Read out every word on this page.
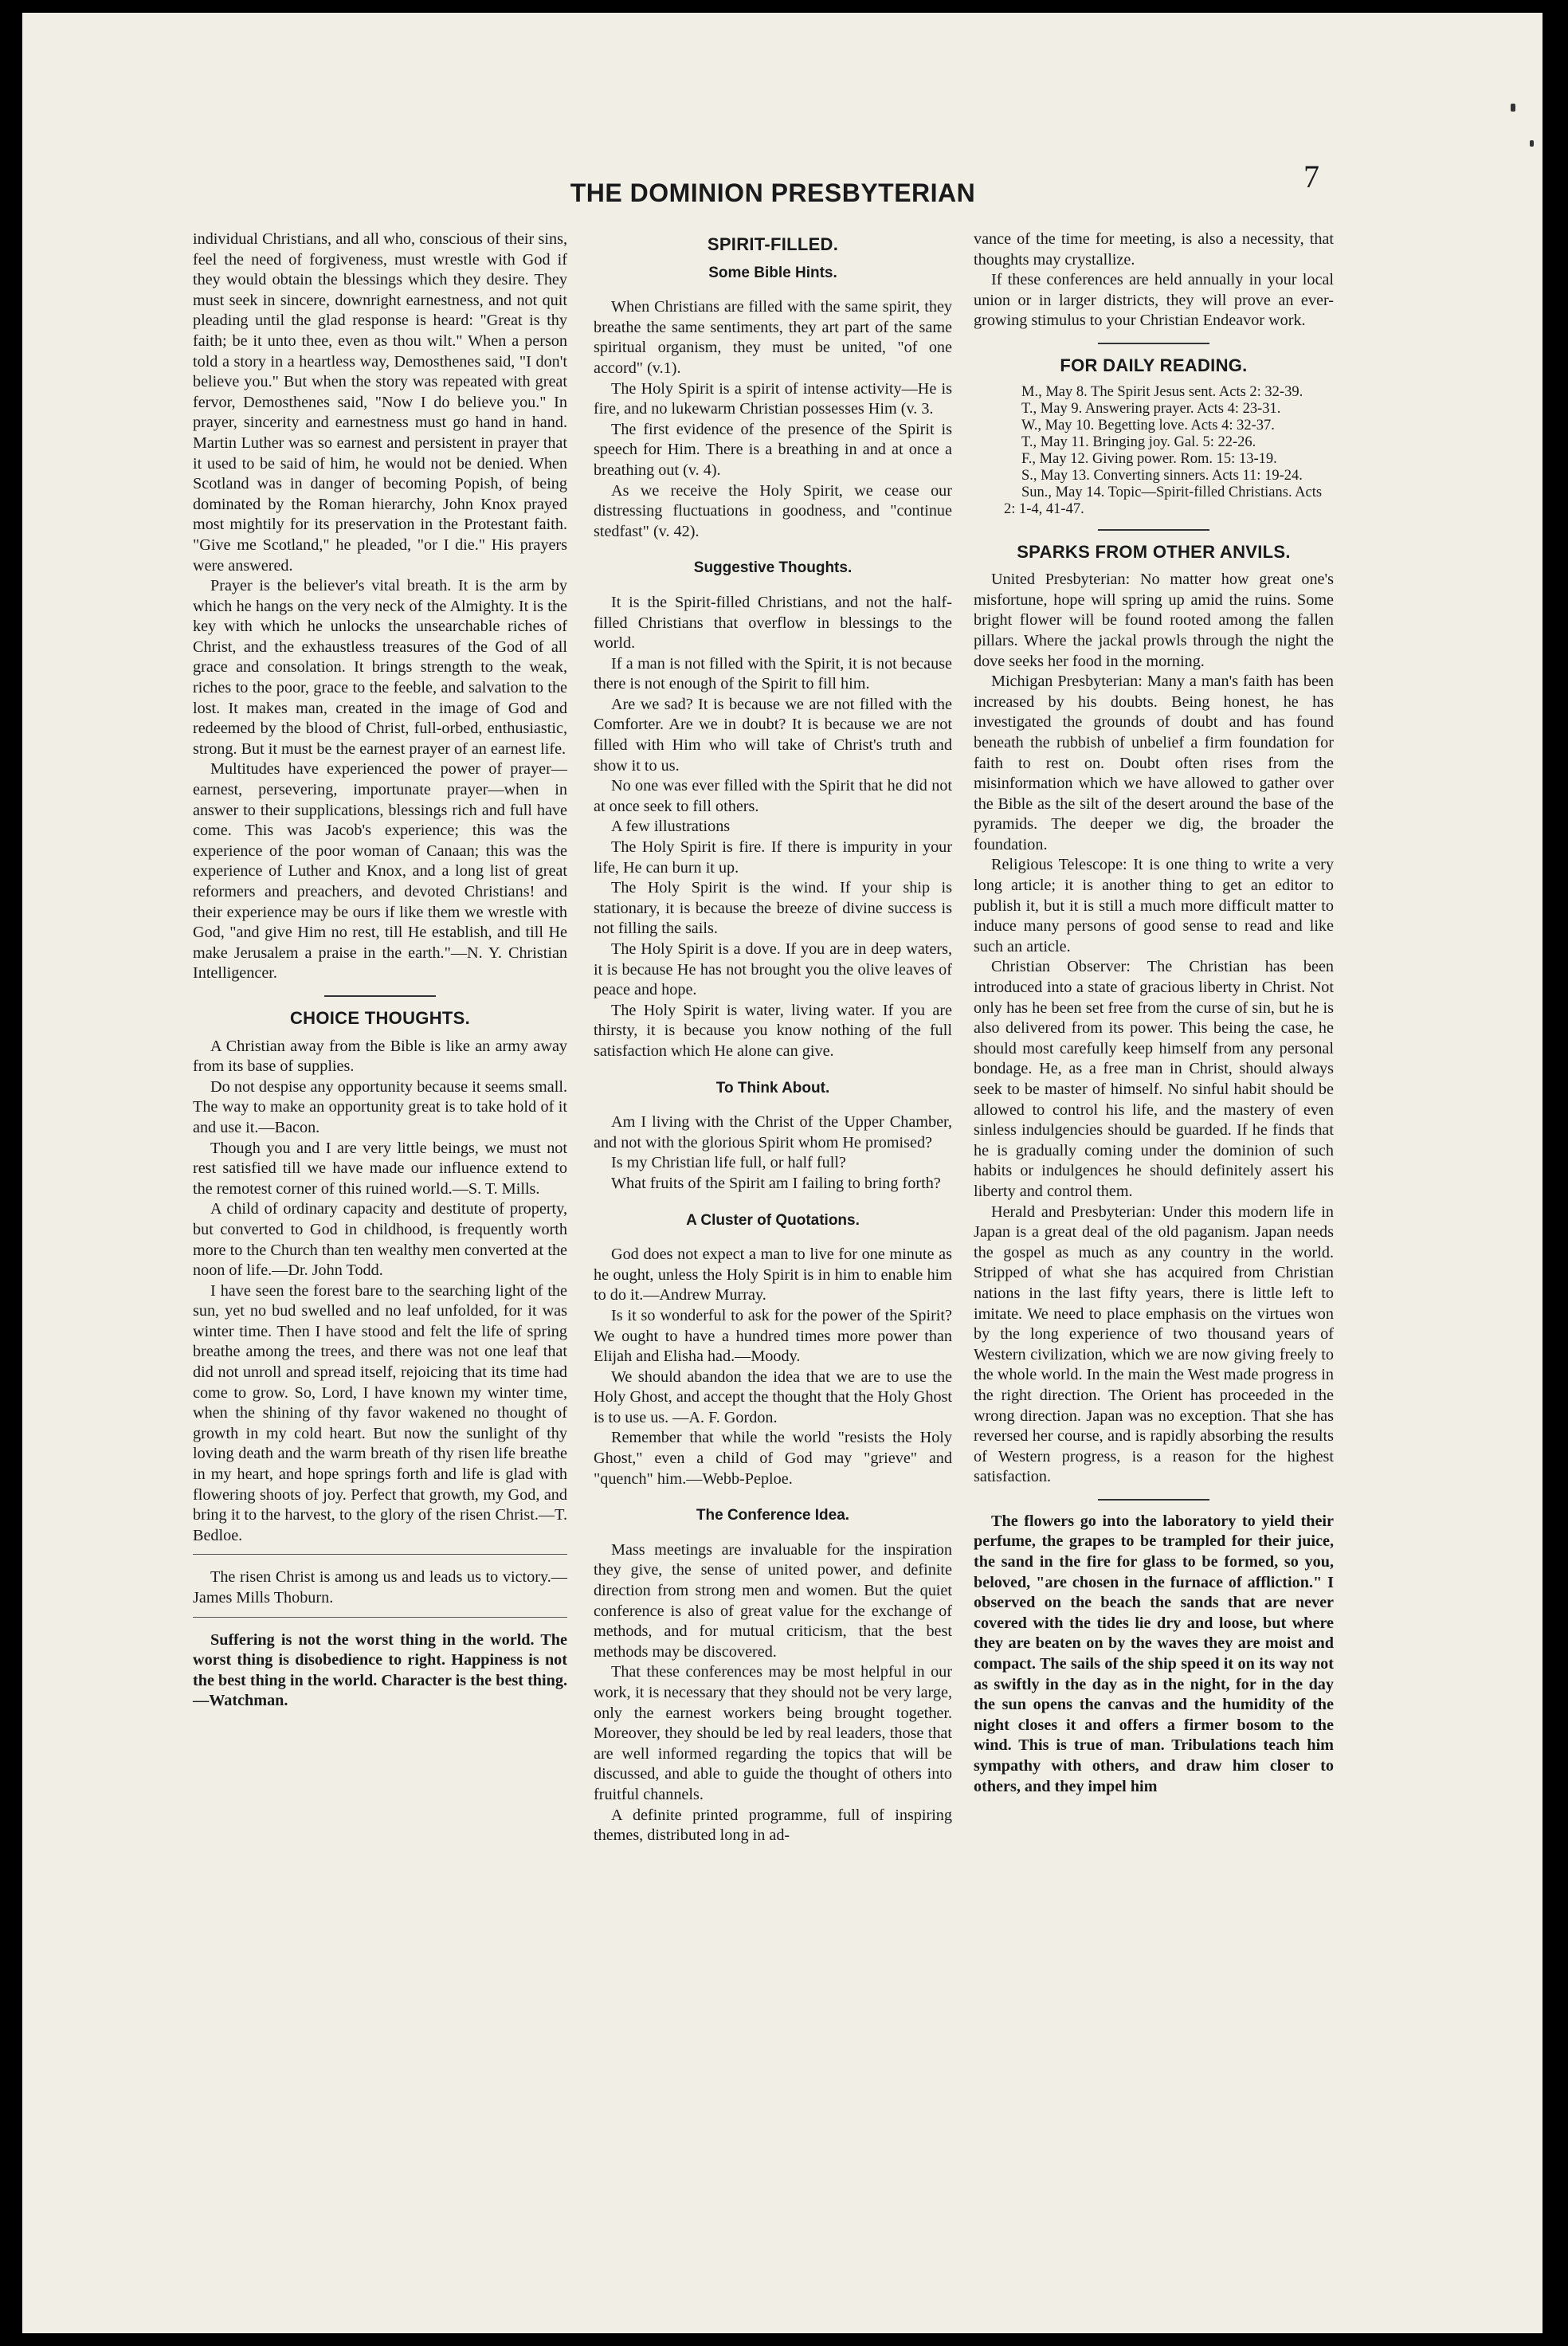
THE DOMINION PRESBYTERIAN	7

individual Christians, and all who, conscious of their sins, feel the need of forgiveness, must wrestle with God if they would obtain the blessings which they desire. They must seek in sincere, downright earnestness, and not quit pleading until the glad response is heard: "Great is thy faith; be it unto thee, even as thou wilt." When a person told a story in a heartless way, Demosthenes said, "I don't believe you." But when the story was repeated with great fervor, Demosthenes said, "Now I do believe you." In prayer, sincerity and earnestness must go hand in hand. Martin Luther was so earnest and persistent in prayer that it used to be said of him, he would not be denied. When Scotland was in danger of becoming Popish, of being dominated by the Roman hierarchy, John Knox prayed most mightily for its preservation in the Protestant faith. "Give me Scotland," he pleaded, "or I die." His prayers were answered.

Prayer is the believer's vital breath. It is the arm by which he hangs on the very neck of the Almighty. It is the key with which he unlocks the unsearchable riches of Christ, and the exhaustless treasures of the God of all grace and consolation. It brings strength to the weak, riches to the poor, grace to the feeble, and salvation to the lost. It makes man, created in the image of God and redeemed by the blood of Christ, full-orbed, enthusiastic, strong. But it must be the earnest prayer of an earnest life.

Multitudes have experienced the power of prayer—earnest, persevering, importunate prayer—when in answer to their supplications, blessings rich and full have come. This was Jacob's experience; this was the experience of the poor woman of Canaan; this was the experience of Luther and Knox, and a long list of great reformers and preachers, and devoted Christians! and their experience may be ours if like them we wrestle with God, "and give Him no rest, till He establish, and till He make Jerusalem a praise in the earth."—N. Y. Christian Intelligencer.

CHOICE THOUGHTS.

A Christian away from the Bible is like an army away from its base of supplies.

Do not despise any opportunity because it seems small. The way to make an opportunity great is to take hold of it and use it.—Bacon.

Though you and I are very little beings, we must not rest satisfied till we have made our influence extend to the remotest corner of this ruined world.—S. T. Mills.

A child of ordinary capacity and destitute of property, but converted to God in childhood, is frequently worth more to the Church than ten wealthy men converted at the noon of life.—Dr. John Todd.

I have seen the forest bare to the searching light of the sun, yet no bud swelled and no leaf unfolded, for it was winter time. Then I have stood and felt the life of spring breathe among the trees, and there was not one leaf that did not unroll and spread itself, rejoicing that its time had come to grow. So, Lord, I have known my winter time, when the shining of thy favor wakened no thought of growth in my cold heart. But now the sunlight of thy loving death and the warm breath of thy risen life breathe in my heart, and hope springs forth and life is glad with flowering shoots of joy. Perfect that growth, my God, and bring it to the harvest, to the glory of the risen Christ.—T. Bedloe.

The risen Christ is among us and leads us to victory.—James Mills Thoburn.

Suffering is not the worst thing in the world. The worst thing is disobedience to right. Happiness is not the best thing in the world. Character is the best thing. —Watchman.

SPIRIT-FILLED.
Some Bible Hints.

When Christians are filled with the same spirit, they breathe the same sentiments, they art part of the same spiritual organism, they must be united, "of one accord" (v.1).

The Holy Spirit is a spirit of intense activity—He is fire, and no lukewarm Christian possesses Him (v. 3.

The first evidence of the presence of the Spirit is speech for Him. There is a breathing in and at once a breathing out (v. 4).

As we receive the Holy Spirit, we cease our distressing fluctuations in goodness, and "continue stedfast" (v. 42).

Suggestive Thoughts.

It is the Spirit-filled Christians, and not the half-filled Christians that overflow in blessings to the world.

If a man is not filled with the Spirit, it is not because there is not enough of the Spirit to fill him.

Are we sad? It is because we are not filled with the Comforter. Are we in doubt? It is because we are not filled with Him who will take of Christ's truth and show it to us.

No one was ever filled with the Spirit that he did not at once seek to fill others.

A few illustrations

The Holy Spirit is fire. If there is impurity in your life, He can burn it up.

The Holy Spirit is the wind. If your ship is stationary, it is because the breeze of divine success is not filling the sails.

The Holy Spirit is a dove. If you are in deep waters, it is because He has not brought you the olive leaves of peace and hope.

The Holy Spirit is water, living water. If you are thirsty, it is because you know nothing of the full satisfaction which He alone can give.

To Think About.

Am I living with the Christ of the Upper Chamber, and not with the glorious Spirit whom He promised?

Is my Christian life full, or half full?

What fruits of the Spirit am I failing to bring forth?

A Cluster of Quotations.

God does not expect a man to live for one minute as he ought, unless the Holy Spirit is in him to enable him to do it.—Andrew Murray.

Is it so wonderful to ask for the power of the Spirit? We ought to have a hundred times more power than Elijah and Elisha had.—Moody.

We should abandon the idea that we are to use the Holy Ghost, and accept the thought that the Holy Ghost is to use us. —A. F. Gordon.

Remember that while the world "resists the Holy Ghost," even a child of God may "grieve" and "quench" him.—Webb-Peploe.

The Conference Idea.

Mass meetings are invaluable for the inspiration they give, the sense of united power, and definite direction from strong men and women. But the quiet conference is also of great value for the exchange of methods, and for mutual criticism, that the best methods may be discovered.

That these conferences may be most helpful in our work, it is necessary that they should not be very large, only the earnest workers being brought together. Moreover, they should be led by real leaders, those that are well informed regarding the topics that will be discussed, and able to guide the thought of others into fruitful channels.

A definite printed programme, full of inspiring themes, distributed long in ad-

vance of the time for meeting, is also a necessity, that thoughts may crystallize.

If these conferences are held annually in your local union or in larger districts, they will prove an ever-growing stimulus to your Christian Endeavor work.

FOR DAILY READING.

M., May 8. The Spirit Jesus sent. Acts 2: 32-39.

T., May 9. Answering prayer. Acts 4: 23-31.

W., May 10. Begetting love. Acts 4: 32-37.

T., May 11. Bringing joy. Gal. 5: 22-26.

F., May 12. Giving power. Rom. 15: 13-19.

S., May 13. Converting sinners. Acts 11: 19-24.

Sun., May 14. Topic—Spirit-filled Christians. Acts 2: 1-4, 41-47.

SPARKS FROM OTHER ANVILS.

United Presbyterian: No matter how great one's misfortune, hope will spring up amid the ruins. Some bright flower will be found rooted among the fallen pillars. Where the jackal prowls through the night the dove seeks her food in the morning.

Michigan Presbyterian: Many a man's faith has been increased by his doubts. Being honest, he has investigated the grounds of doubt and has found beneath the rubbish of unbelief a firm foundation for faith to rest on. Doubt often rises from the misinformation which we have allowed to gather over the Bible as the silt of the desert around the base of the pyramids. The deeper we dig, the broader the foundation.

Religious Telescope: It is one thing to write a very long article; it is another thing to get an editor to publish it, but it is still a much more difficult matter to induce many persons of good sense to read and like such an article.

Christian Observer: The Christian has been introduced into a state of gracious liberty in Christ. Not only has he been set free from the curse of sin, but he is also delivered from its power. This being the case, he should most carefully keep himself from any personal bondage. He, as a free man in Christ, should always seek to be master of himself. No sinful habit should be allowed to control his life, and the mastery of even sinless indulgencies should be guarded. If he finds that he is gradually coming under the dominion of such habits or indulgences he should definitely assert his liberty and control them.

Herald and Presbyterian: Under this modern life in Japan is a great deal of the old paganism. Japan needs the gospel as much as any country in the world. Stripped of what she has acquired from Christian nations in the last fifty years, there is little left to imitate. We need to place emphasis on the virtues won by the long experience of two thousand years of Western civilization, which we are now giving freely to the whole world. In the main the West made progress in the right direction. The Orient has proceeded in the wrong direction. Japan was no exception. That she has reversed her course, and is rapidly absorbing the results of Western progress, is a reason for the highest satisfaction.

The flowers go into the laboratory to yield their perfume, the grapes to be trampled for their juice, the sand in the fire for glass to be formed, so you, beloved, "are chosen in the furnace of affliction." I observed on the beach the sands that are never covered with the tides lie dry and loose, but where they are beaten on by the waves they are moist and compact. The sails of the ship speed it on its way not as swiftly in the day as in the night, for in the day the sun opens the canvas and the humidity of the night closes it and offers a firmer bosom to the wind. This is true of man. Tribulations teach him sympathy with others, and draw him closer to others, and they impel him
